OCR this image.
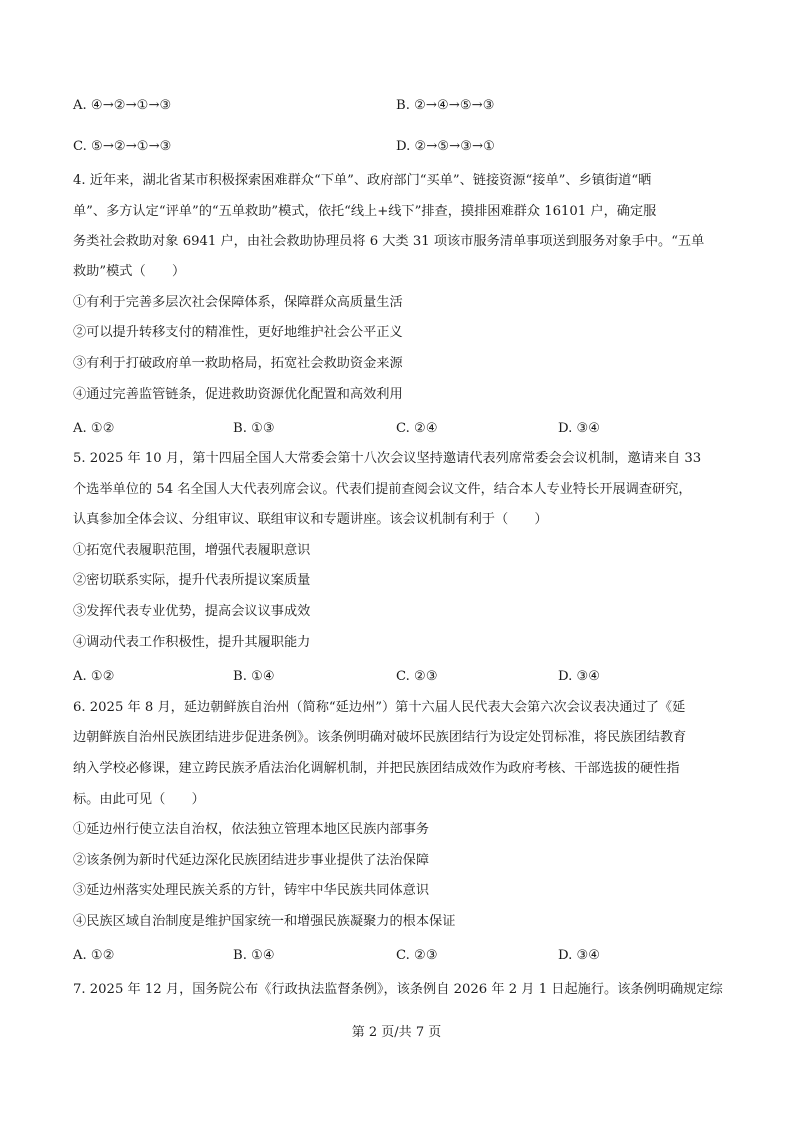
A. ④→②→①→③	B. ②→④→⑤→③
C. ⑤→②→①→③	D. ②→⑤→③→①
4. 近年来，湖北省某市积极探索困难群众“下单”、政府部门“买单”、链接资源“接单”、乡镇街道“晒
单”、多方认定“评单”的“五单救助”模式，依托“线上+线下”排查，摸排困难群众 16101 户，确定服
务类社会救助对象 6941 户，由社会救助协理员将 6 大类 31 项该市服务清单事项送到服务对象手中。“五单
救助”模式（　　）
①有利于完善多层次社会保障体系，保障群众高质量生活
②可以提升转移支付的精准性，更好地维护社会公平正义
③有利于打破政府单一救助格局，拓宽社会救助资金来源
④通过完善监管链条，促进救助资源优化配置和高效利用
A. ①②	B. ①③	C. ②④	D. ③④
5. 2025 年 10 月，第十四届全国人大常委会第十八次会议坚持邀请代表列席常委会会议机制，邀请来自 33
个选举单位的 54 名全国人大代表列席会议。代表们提前查阅会议文件，结合本人专业特长开展调查研究，
认真参加全体会议、分组审议、联组审议和专题讲座。该会议机制有利于（　　）
①拓宽代表履职范围，增强代表履职意识
②密切联系实际，提升代表所提议案质量
③发挥代表专业优势，提高会议议事成效
④调动代表工作积极性，提升其履职能力
A. ①②	B. ①④	C. ②③	D. ③④
6. 2025 年 8 月，延边朝鲜族自治州（简称“延边州”）第十六届人民代表大会第六次会议表决通过了《延
边朝鲜族自治州民族团结进步促进条例》。该条例明确对破坏民族团结行为设定处罚标准，将民族团结教育
纳入学校必修课，建立跨民族矛盾法治化调解机制，并把民族团结成效作为政府考核、干部选拔的硬性指
标。由此可见（　　）
①延边州行使立法自治权，依法独立管理本地区民族内部事务
②该条例为新时代延边深化民族团结进步事业提供了法治保障
③延边州落实处理民族关系的方针，铸牢中华民族共同体意识
④民族区域自治制度是维护国家统一和增强民族凝聚力的根本保证
A. ①②	B. ①④	C. ②③	D. ③④
7. 2025 年 12 月，国务院公布《行政执法监督条例》，该条例自 2026 年 2 月 1 日起施行。该条例明确规定综
第 2 页/共 7 页
